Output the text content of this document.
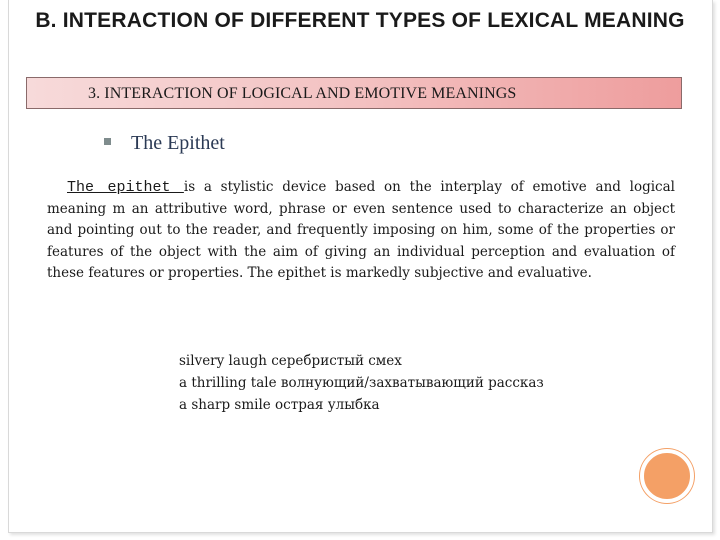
B. INTERACTION OF DIFFERENT TYPES OF LEXICAL MEANING
3. INTERACTION OF LOGICAL AND EMOTIVE MEANINGS
The Epithet

The epithet is a stylistic device based on the interplay of emotive and logical meaning m an attributive word, phrase or even sentence used to characterize an object and pointing out to the reader, and frequently imposing on him, some of the properties or features of the object with the aim of giving an individual perception and evaluation of these features or properties. The epithet is markedly subjective and evaluative.

silvery laugh серебристый смех
a thrilling tale волнующий/захватывающий рассказ
a sharp smile острая улыбка
